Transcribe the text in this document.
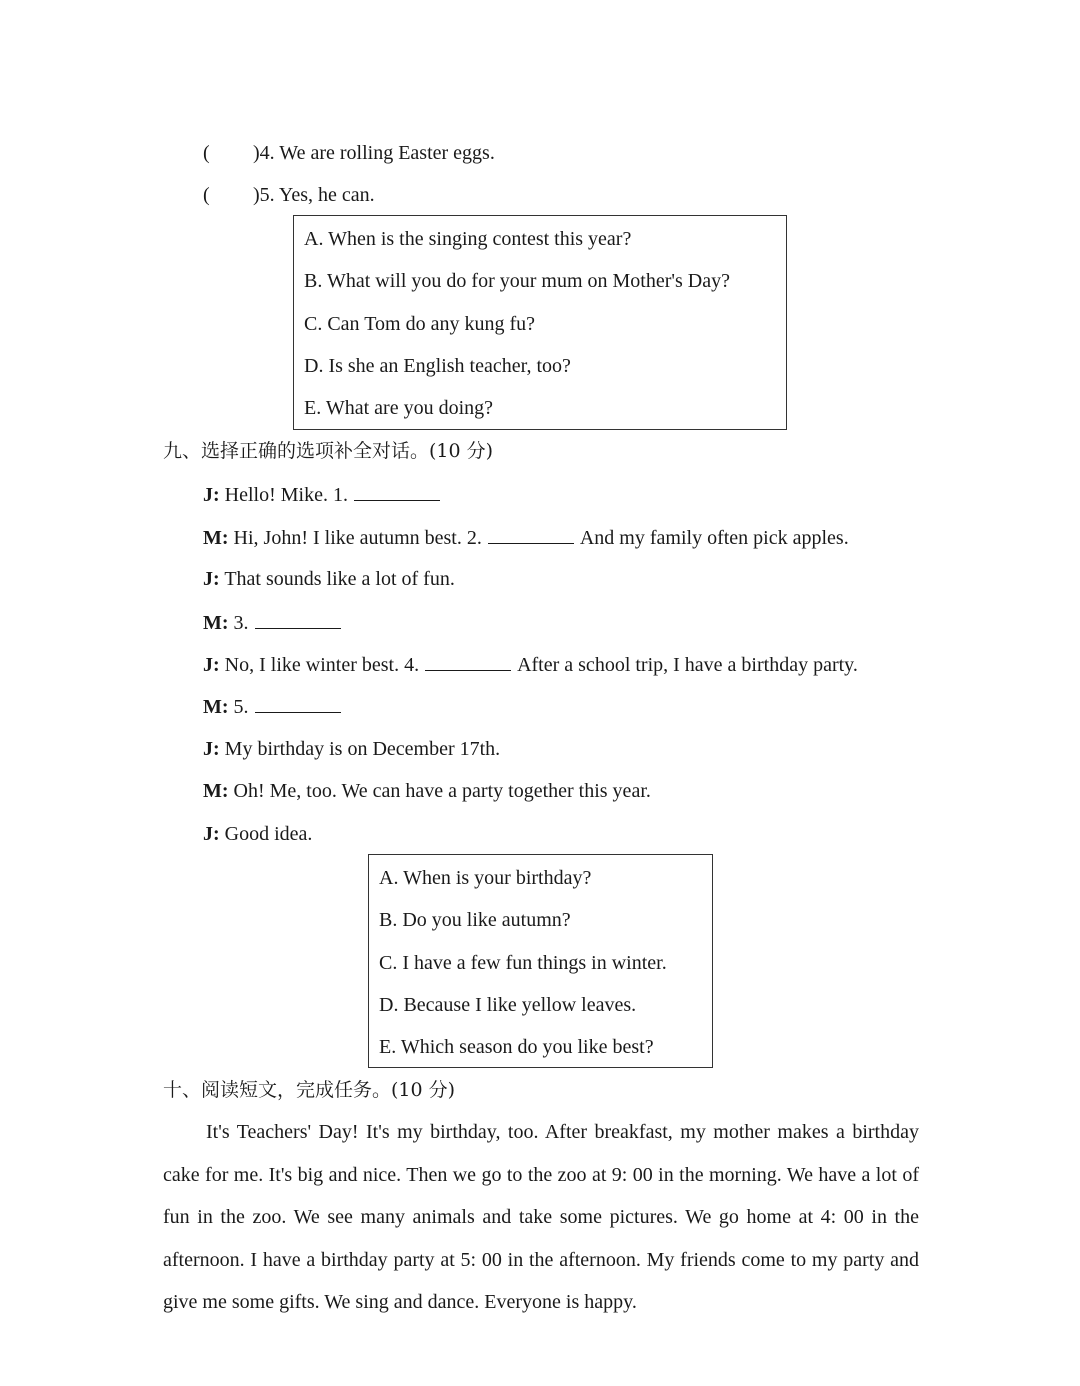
( )4. We are rolling Easter eggs.
( )5. Yes, he can.
A. When is the singing contest this year?
B. What will you do for your mum on Mother's Day?
C. Can Tom do any kung fu?
D. Is she an English teacher, too?
E. What are you doing?
九、选择正确的选项补全对话。(10 分)
J: Hello! Mike. 1.
M: Hi, John! I like autumn best. 2.	And my family often pick apples.
J: That sounds like a lot of fun.
M: 3.
J: No, I like winter best. 4.	After a school trip, I have a birthday party.
M: 5.
J: My birthday is on December 17th.
M: Oh! Me, too. We can have a party together this year.
J: Good idea.
A. When is your birthday?
B. Do you like autumn?
C. I have a few fun things in winter.
D. Because I like yellow leaves.
E. Which season do you like best?
十、阅读短文，完成任务。(10 分)
It's Teachers' Day! It's my birthday, too. After breakfast, my mother makes a birthday cake for me. It's big and nice. Then we go to the zoo at 9: 00 in the morning. We have a lot of fun in the zoo. We see many animals and take some pictures. We go home at 4: 00 in the afternoon. I have a birthday party at 5: 00 in the afternoon. My friends come to my party and give me some gifts. We sing and dance. Everyone is happy.
